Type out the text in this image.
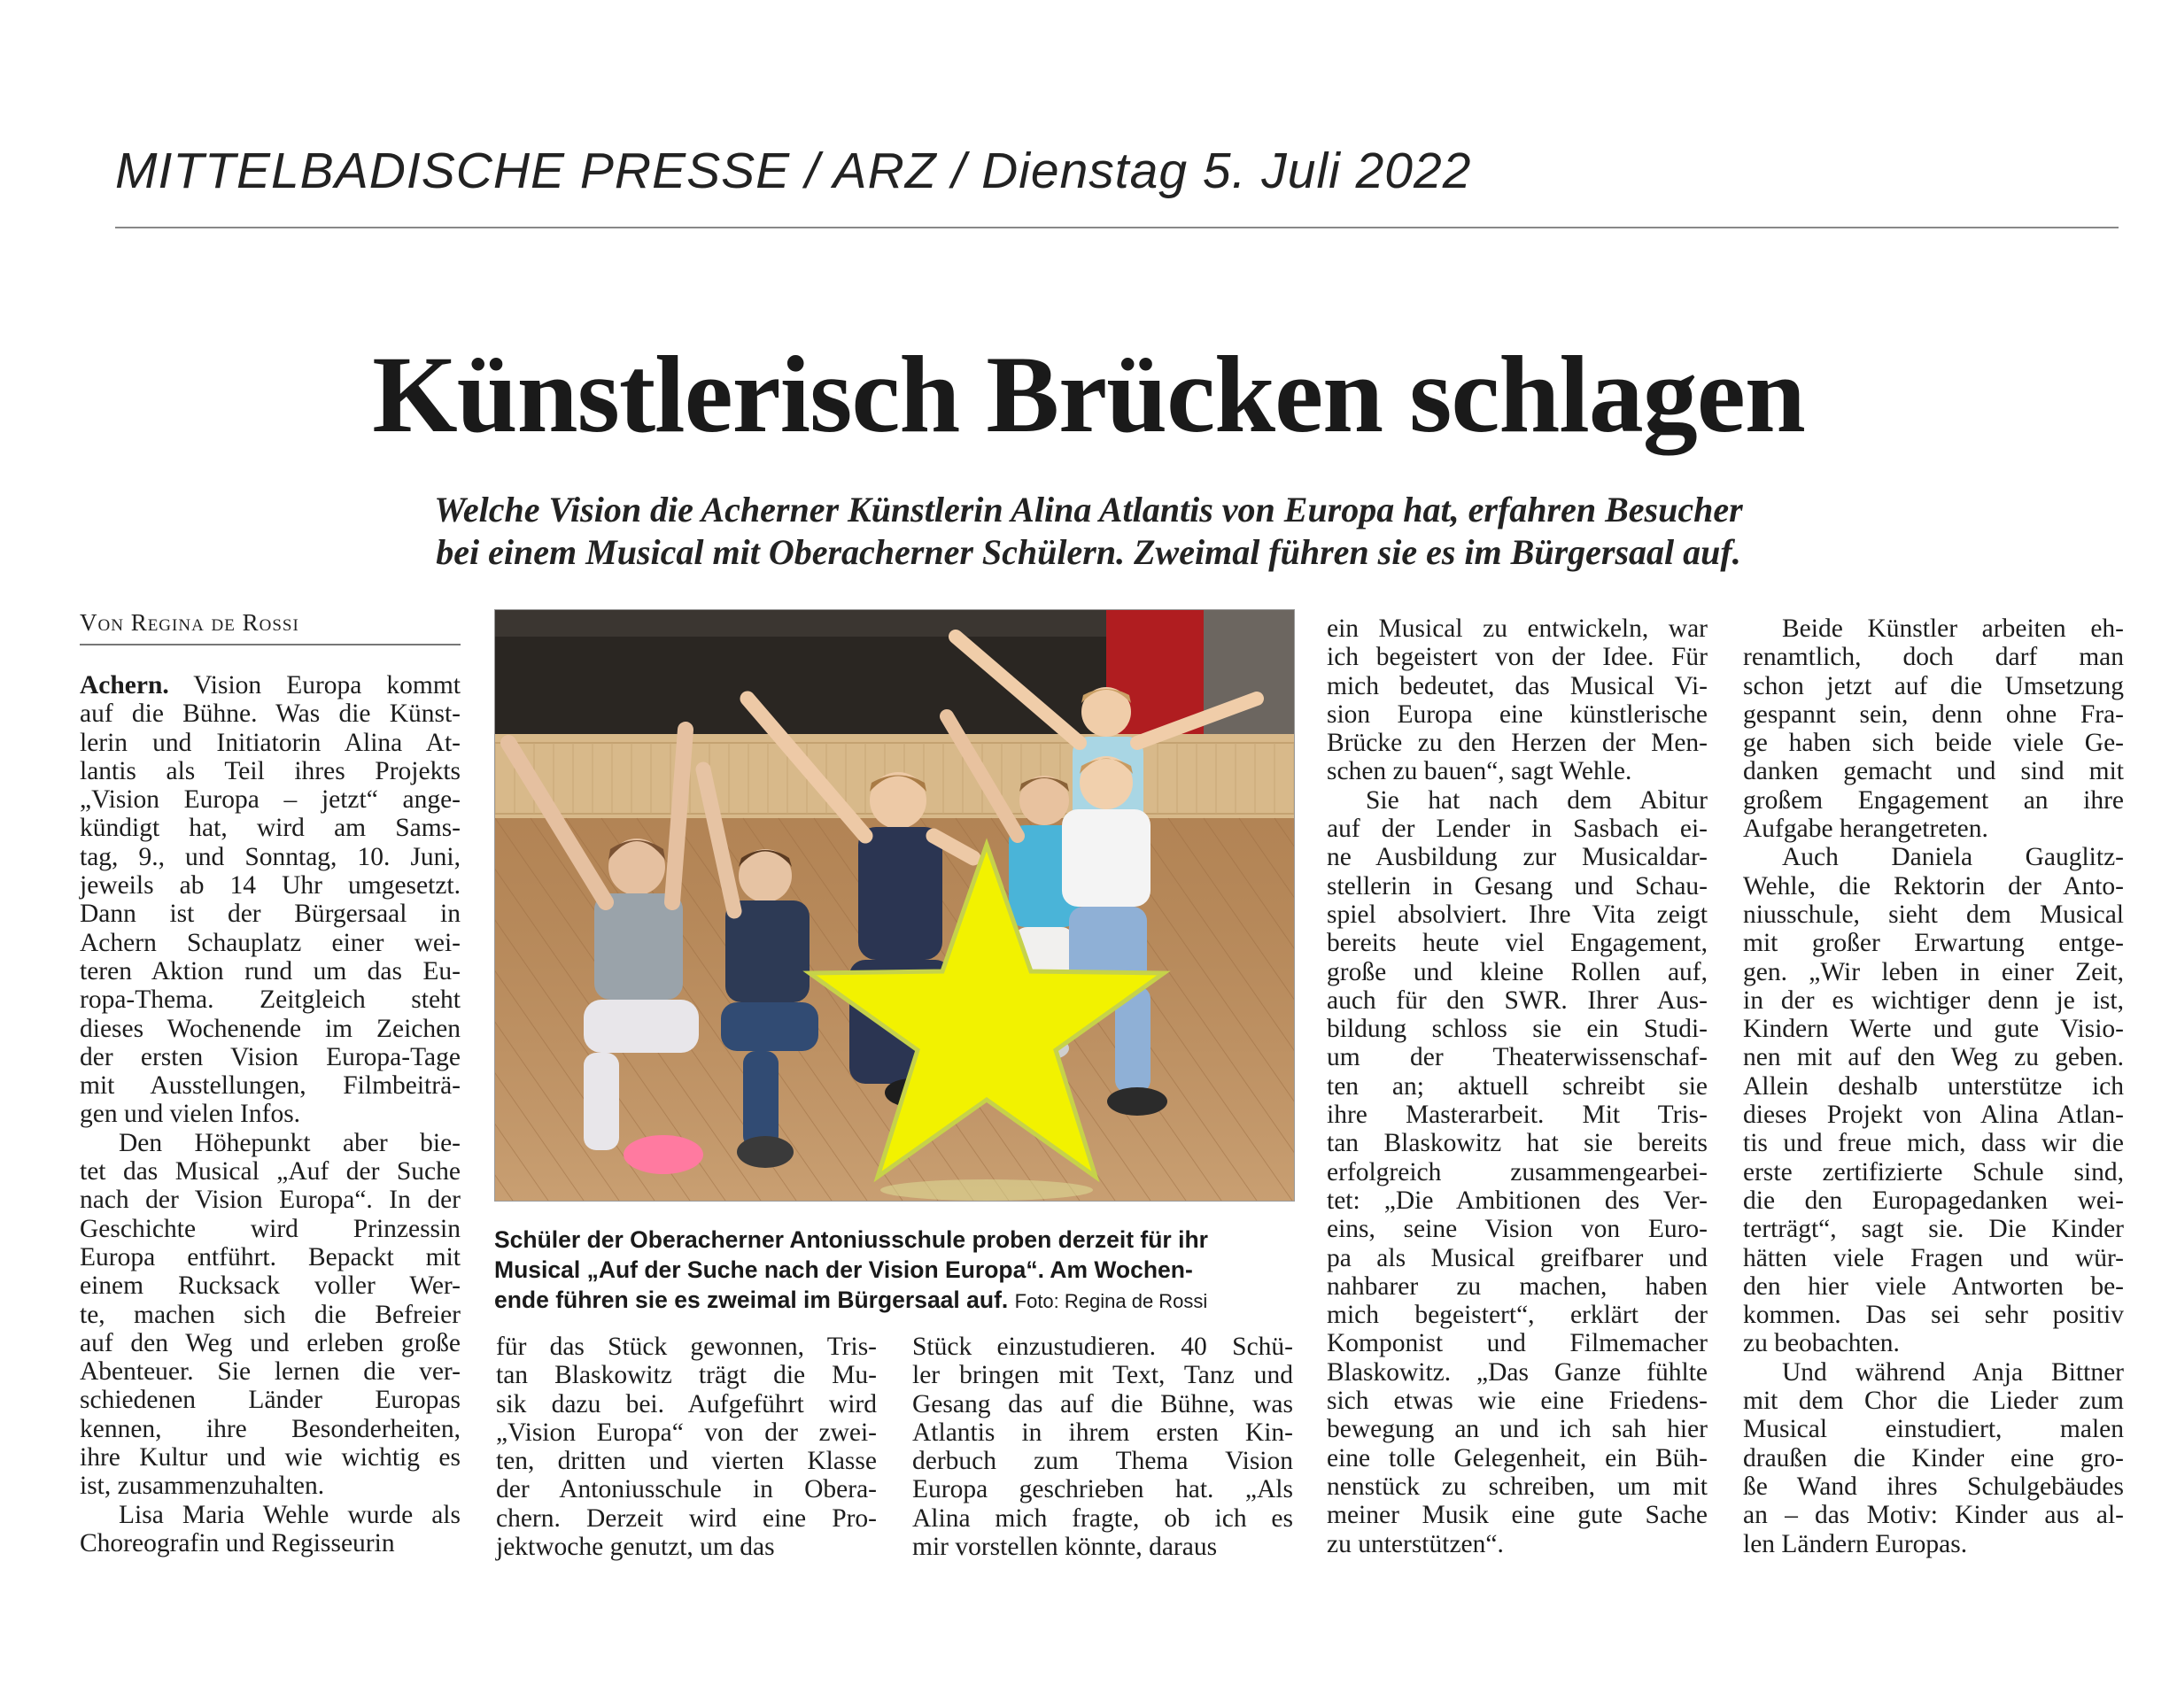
MITTELBADISCHE PRESSE / ARZ / Dienstag 5. Juli 2022
Künstlerisch Brücken schlagen
Welche Vision die Acherner Künstlerin Alina Atlantis von Europa hat, erfahren Besucher
bei einem Musical mit Oberacherner Schülern. Zweimal führen sie es im Bürgersaal auf.
Von Regina de Rossi
Achern. Vision Europa kommt
auf die Bühne. Was die Künst-
lerin und Initiatorin Alina At-
lantis als Teil ihres Projekts
„Vision Europa – jetzt“ ange-
kündigt hat, wird am Sams-
tag, 9., und Sonntag, 10. Juni,
jeweils ab 14 Uhr umgesetzt.
Dann ist der Bürgersaal in
Achern Schauplatz einer wei-
teren Aktion rund um das Eu-
ropa-Thema. Zeitgleich steht
dieses Wochenende im Zeichen
der ersten Vision Europa-Tage
mit Ausstellungen, Filmbeiträ-
gen und vielen Infos.
Den Höhepunkt aber bie-
tet das Musical „Auf der Suche
nach der Vision Europa“. In der
Geschichte wird Prinzessin
Europa entführt. Bepackt mit
einem Rucksack voller Wer-
te, machen sich die Befreier
auf den Weg und erleben große
Abenteuer. Sie lernen die ver-
schiedenen Länder Europas
kennen, ihre Besonderheiten,
ihre Kultur und wie wichtig es
ist, zusammenzuhalten.
Lisa Maria Wehle wurde als
Choreografin und Regisseurin
Schüler der Oberacherner Antoniusschule proben derzeit für ihr
Musical „Auf der Suche nach der Vision Europa“. Am Wochen-
ende führen sie es zweimal im Bürgersaal auf. Foto: Regina de Rossi
für das Stück gewonnen, Tris-
tan Blaskowitz trägt die Mu-
sik dazu bei. Aufgeführt wird
„Vision Europa“ von der zwei-
ten, dritten und vierten Klasse
der Antoniusschule in Obera-
chern. Derzeit wird eine Pro-
jektwoche genutzt, um das
Stück einzustudieren. 40 Schü-
ler bringen mit Text, Tanz und
Gesang das auf die Bühne, was
Atlantis in ihrem ersten Kin-
derbuch zum Thema Vision
Europa geschrieben hat. „Als
Alina mich fragte, ob ich es
mir vorstellen könnte, daraus
ein Musical zu entwickeln, war
ich begeistert von der Idee. Für
mich bedeutet, das Musical Vi-
sion Europa eine künstlerische
Brücke zu den Herzen der Men-
schen zu bauen“, sagt Wehle.
Sie hat nach dem Abitur
auf der Lender in Sasbach ei-
ne Ausbildung zur Musicaldar-
stellerin in Gesang und Schau-
spiel absolviert. Ihre Vita zeigt
bereits heute viel Engagement,
große und kleine Rollen auf,
auch für den SWR. Ihrer Aus-
bildung schloss sie ein Studi-
um der Theaterwissenschaf-
ten an; aktuell schreibt sie
ihre Masterarbeit. Mit Tris-
tan Blaskowitz hat sie bereits
erfolgreich zusammengearbei-
tet: „Die Ambitionen des Ver-
eins, seine Vision von Euro-
pa als Musical greifbarer und
nahbarer zu machen, haben
mich begeistert“, erklärt der
Komponist und Filmemacher
Blaskowitz. „Das Ganze fühlte
sich etwas wie eine Friedens-
bewegung an und ich sah hier
eine tolle Gelegenheit, ein Büh-
nenstück zu schreiben, um mit
meiner Musik eine gute Sache
zu unterstützen“.
Beide Künstler arbeiten eh-
renamtlich, doch darf man
schon jetzt auf die Umsetzung
gespannt sein, denn ohne Fra-
ge haben sich beide viele Ge-
danken gemacht und sind mit
großem Engagement an ihre
Aufgabe herangetreten.
Auch Daniela Gauglitz-
Wehle, die Rektorin der Anto-
niusschule, sieht dem Musical
mit großer Erwartung entge-
gen. „Wir leben in einer Zeit,
in der es wichtiger denn je ist,
Kindern Werte und gute Visio-
nen mit auf den Weg zu geben.
Allein deshalb unterstütze ich
dieses Projekt von Alina Atlan-
tis und freue mich, dass wir die
erste zertifizierte Schule sind,
die den Europagedanken wei-
terträgt“, sagt sie. Die Kinder
hätten viele Fragen und wür-
den hier viele Antworten be-
kommen. Das sei sehr positiv
zu beobachten.
Und während Anja Bittner
mit dem Chor die Lieder zum
Musical einstudiert, malen
draußen die Kinder eine gro-
ße Wand ihres Schulgebäudes
an – das Motiv: Kinder aus al-
len Ländern Europas.
